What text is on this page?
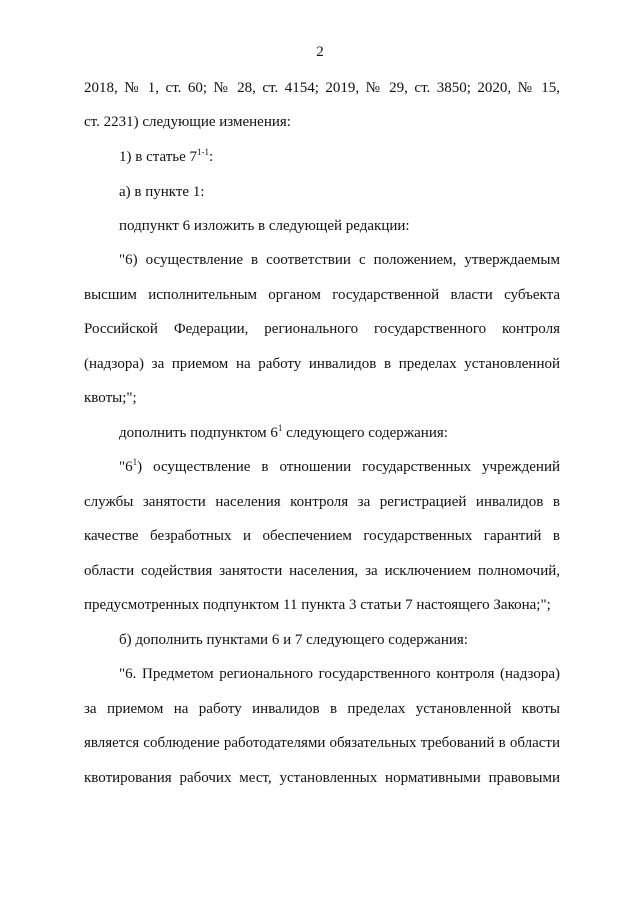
2
2018, № 1, ст. 60; № 28, ст. 4154; 2019, № 29, ст. 3850; 2020, № 15,
ст. 2231) следующие изменения:
1) в статье 7$^{1-1}$:
а) в пункте 1:
подпункт 6 изложить в следующей редакции:
"6) осуществление в соответствии с положением, утверждаемым
высшим исполнительным органом государственной власти субъекта
Российской Федерации, регионального государственного контроля
(надзора) за приемом на работу инвалидов в пределах установленной
квоты;";
дополнить подпунктом $6^1$ следующего содержания:
"$6^1$) осуществление в отношении государственных учреждений
службы занятости населения контроля за регистрацией инвалидов в
качестве безработных и обеспечением государственных гарантий в
области содействия занятости населения, за исключением полномочий,
предусмотренных подпунктом 11 пункта 3 статьи 7 настоящего Закона;";
б) дополнить пунктами 6 и 7 следующего содержания:
"6. Предметом регионального государственного контроля (надзора)
за приемом на работу инвалидов в пределах установленной квоты
является соблюдение работодателями обязательных требований в области
квотирования рабочих мест, установленных нормативными правовыми
